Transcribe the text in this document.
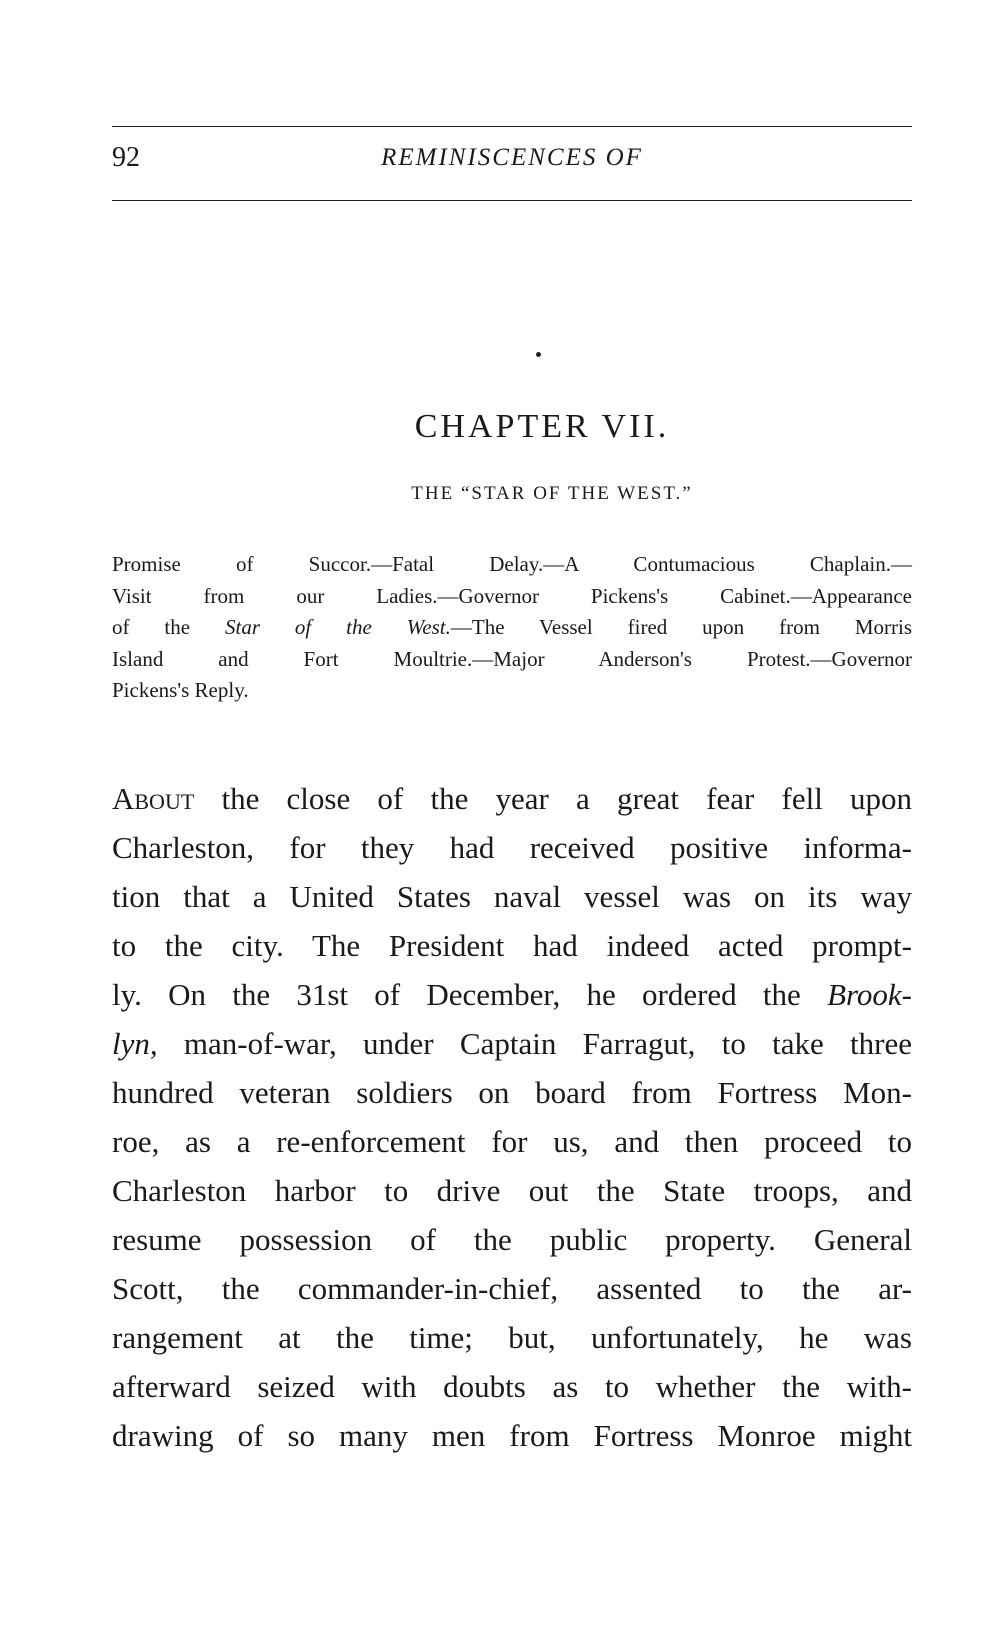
92	REMINISCENCES OF
CHAPTER VII.
THE “STAR OF THE WEST.”
Promise of Succor.—Fatal Delay.—A Contumacious Chaplain.—
Visit from our Ladies.—Governor Pickens's Cabinet.—Appearance
of the Star of the West.—The Vessel fired upon from Morris
Island and Fort Moultrie.—Major Anderson's Protest.—Governor
Pickens's Reply.
About the close of the year a great fear fell upon
Charleston, for they had received positive informa-
tion that a United States naval vessel was on its way
to the city. The President had indeed acted prompt-
ly. On the 31st of December, he ordered the Brook-
lyn, man-of-war, under Captain Farragut, to take three
hundred veteran soldiers on board from Fortress Mon-
roe, as a re-enforcement for us, and then proceed to
Charleston harbor to drive out the State troops, and
resume possession of the public property. General
Scott, the commander-in-chief, assented to the ar-
rangement at the time; but, unfortunately, he was
afterward seized with doubts as to whether the with-
drawing of so many men from Fortress Monroe might
